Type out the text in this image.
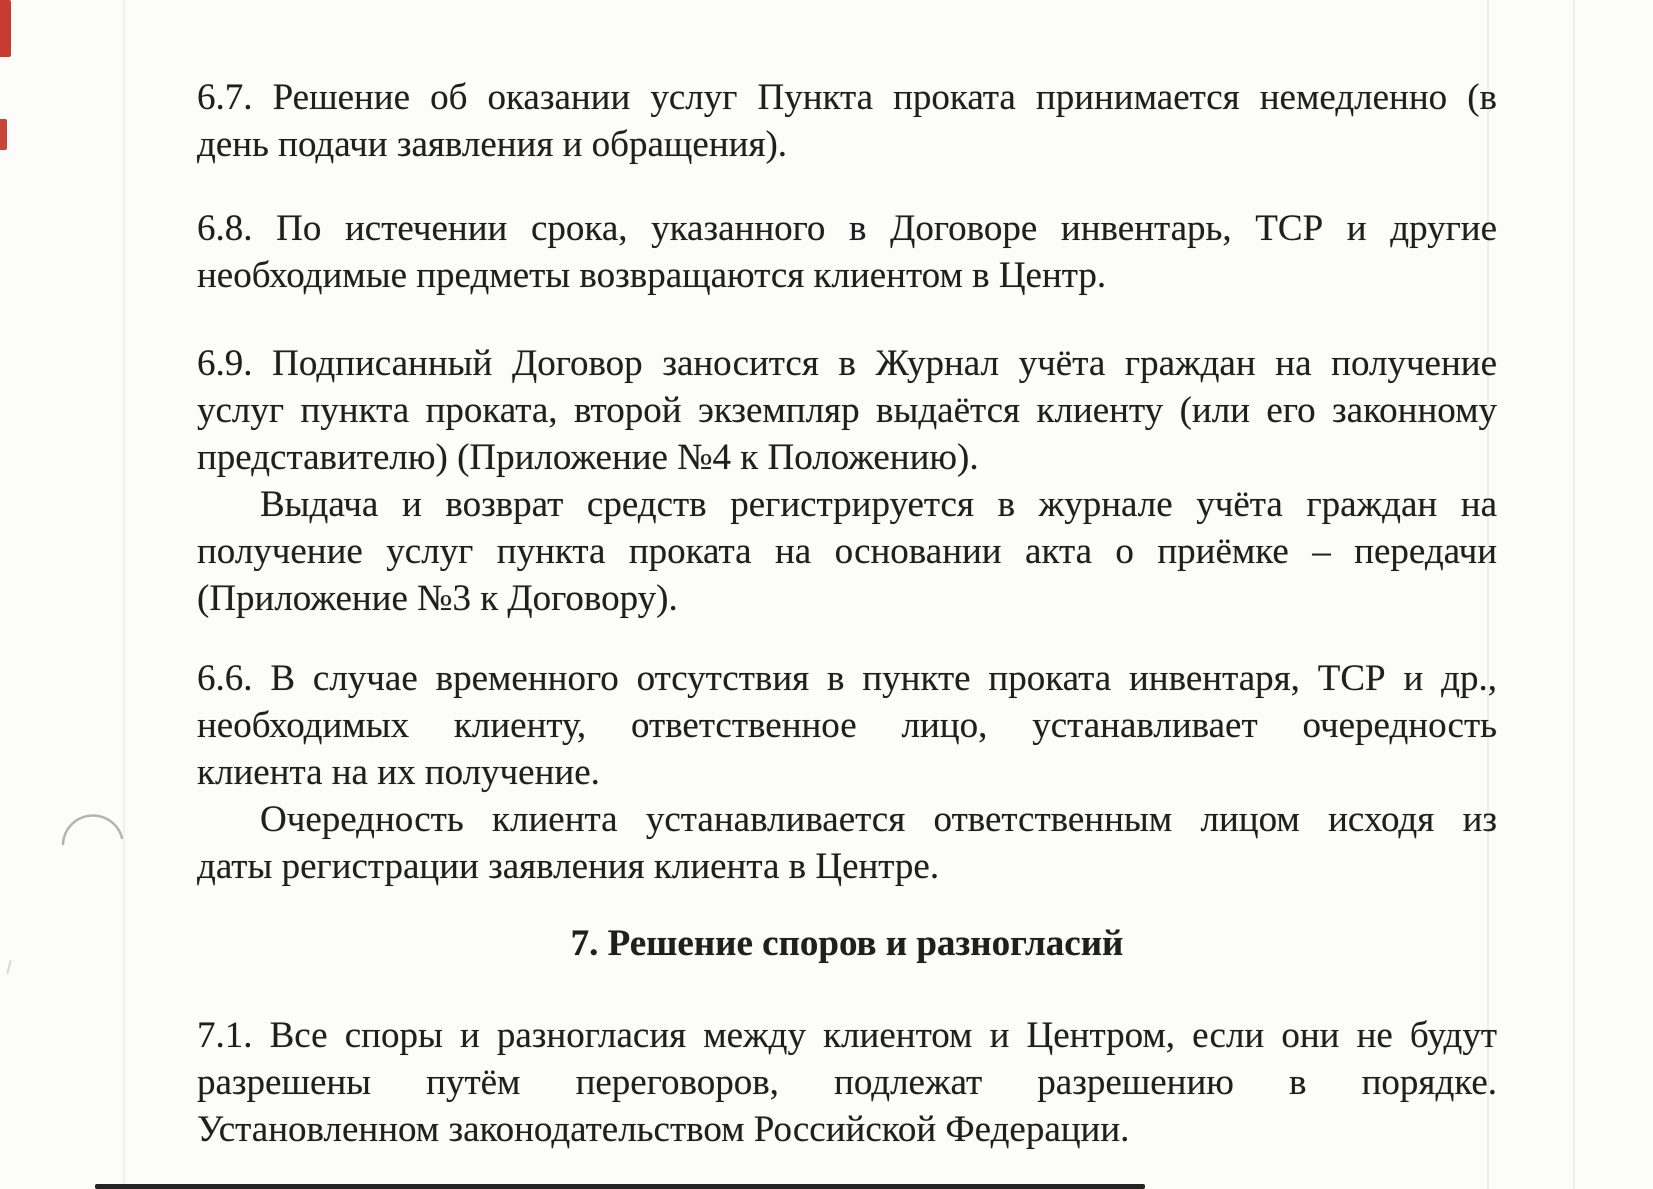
6.7. Решение об оказании услуг Пункта проката принимается немедленно (в
день подачи заявления и обращения).
6.8. По истечении срока, указанного в Договоре инвентарь, ТСР и другие
необходимые предметы возвращаются клиентом в Центр.
6.9. Подписанный Договор заносится в Журнал учёта граждан на получение
услуг пункта проката, второй экземпляр выдаётся клиенту (или его законному
представителю) (Приложение №4 к Положению).
Выдача и возврат средств регистрируется в журнале учёта граждан на
получение услуг пункта проката на основании акта о приёмке – передачи
(Приложение №3 к Договору).
6.6. В случае временного отсутствия в пункте проката инвентаря, ТСР и др.,
необходимых клиенту, ответственное лицо, устанавливает очередность
клиента на их получение.
Очередность клиента устанавливается ответственным лицом исходя из
даты регистрации заявления клиента в Центре.
7. Решение споров и разногласий
7.1. Все споры и разногласия между клиентом и Центром, если они не будут
разрешены путём переговоров, подлежат разрешению в порядке.
Установленном законодательством Российской Федерации.
